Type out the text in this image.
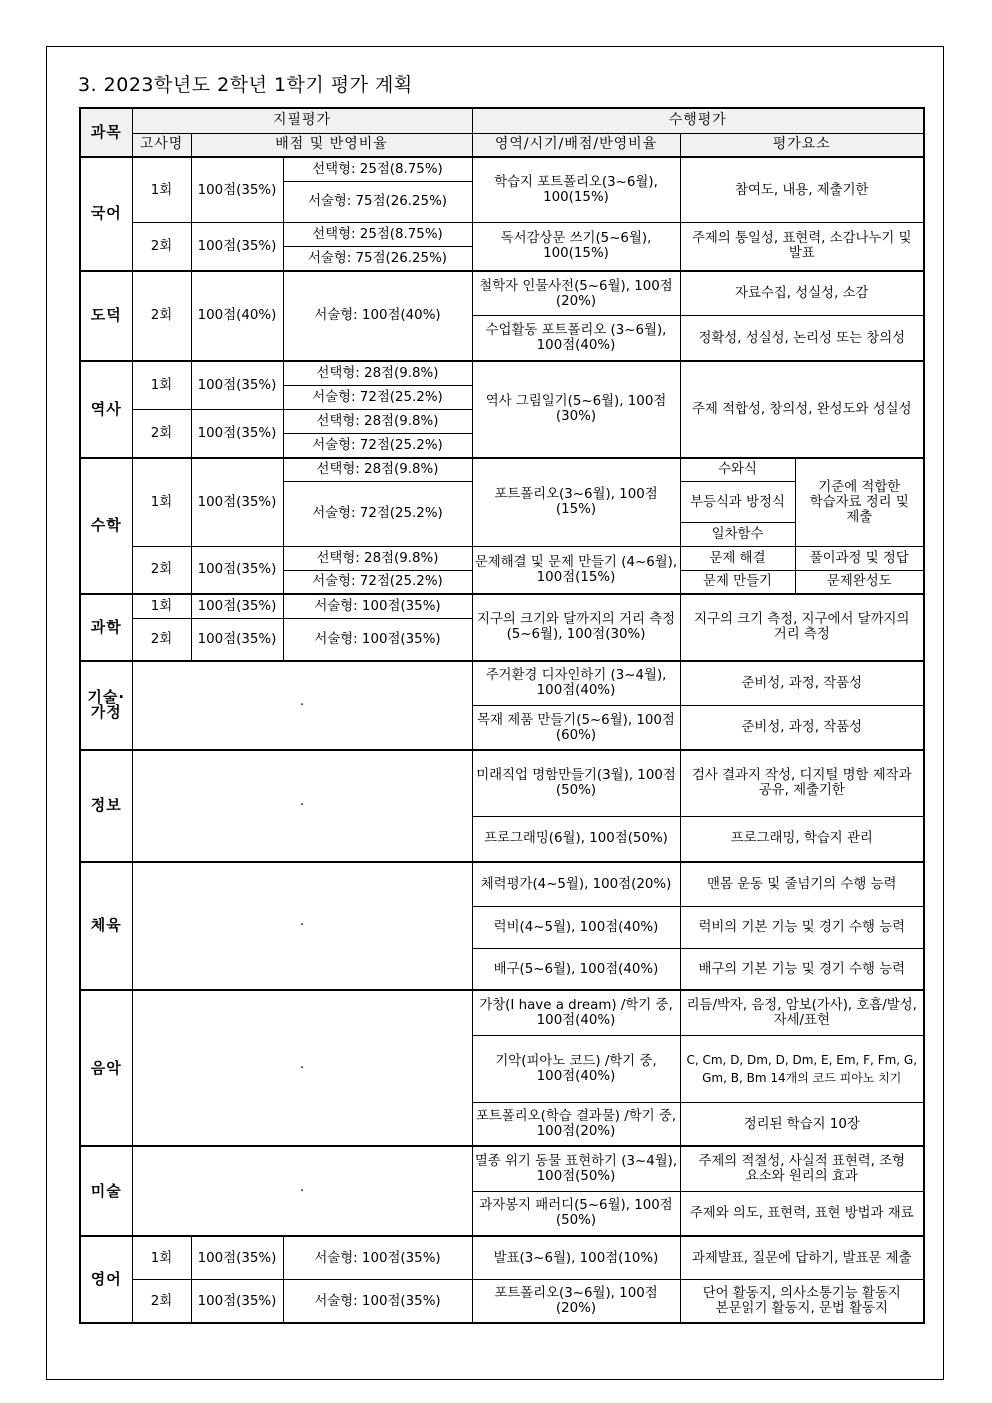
3. 2023학년도 2학년 1학기 평가 계획
과목	지필평가			수행평가		
	고사명	배점 및 반영비율		영역/시기/배점/반영비율	평가요소	
국어	1회	100점(35%)	선택형: 25점(8.75%)	학습지 포트폴리오(3~6월), 100(15%)	참여도, 내용, 제출기한	
			서술형: 75점(26.25%)			
	2회	100점(35%)	선택형: 25점(8.75%)	독서감상문 쓰기(5~6월), 100(15%)	주제의 통일성, 표현력, 소감나누기 및 발표	
			서술형: 75점(26.25%)			
도덕	2회	100점(40%)	서술형: 100점(40%)	철학자 인물사전(5~6월), 100점(20%)	자료수집, 성실성, 소감	
				수업활동 포트폴리오 (3~6월), 100점(40%)	정확성, 성실성, 논리성 또는 창의성	
역사	1회	100점(35%)	선택형: 28점(9.8%)	역사 그림일기(5~6월), 100점(30%)	주제 적합성, 창의성, 완성도와 성실성	
			서술형: 72점(25.2%)			
	2회	100점(35%)	선택형: 28점(9.8%)			
			서술형: 72점(25.2%)			
수학	1회	100점(35%)	선택형: 28점(9.8%)	포트폴리오(3~6월), 100점(15%)	수와식	기준에 적합한 학습자료 정리 및 제출
			서술형: 72점(25.2%)		부등식과 방정식	

					일차함수	
	2회	100점(35%)	선택형: 28점(9.8%)	문제해결 및 문제 만들기 (4~6월), 100점(15%)	문제 해결	풀이과정 및 정답
			서술형: 72점(25.2%)		문제 만들기	문제완성도
과학	1회	100점(35%)	서술형: 100점(35%)	지구의 크기와 달까지의 거리 측정(5~6월), 100점(30%)	지구의 크기 측정, 지구에서 달까지의 거리 측정	
	2회	100점(35%)	서술형: 100점(35%)			
기술·가정	·			주거환경 디자인하기 (3~4월), 100점(40%)	준비성, 과정, 작품성	
				목재 제품 만들기(5~6월), 100점(60%)	준비성, 과정, 작품성	
정보	·			미래직업 명함만들기(3월), 100점(50%)	검사 결과지 작성, 디지털 명함 제작과 공유, 제출기한	
				프로그래밍(6월), 100점(50%)	프로그래밍, 학습지 관리	
체육	·			체력평가(4~5월), 100점(20%)	맨몸 운동 및 줄넘기의 수행 능력	
				럭비(4~5월), 100점(40%)	럭비의 기본 기능 및 경기 수행 능력	
				배구(5~6월), 100점(40%)	배구의 기본 기능 및 경기 수행 능력	
음악	·			가창(I have a dream) /학기 중, 100점(40%)	리듬/박자, 음정, 암보(가사), 호흡/발성, 자세/표현	
				기악(피아노 코드) /학기 중, 100점(40%)	C, Cm, D, Dm, D, Dm, E, Em, F, Fm, G, Gm, B, Bm 14개의 코드 피아노 치기	
				포트폴리오(학습 결과물) /학기 중, 100점(20%)	정리된 학습지 10장	
미술	·			멸종 위기 동물 표현하기 (3~4월), 100점(50%)	주제의 적절성, 사실적 표현력, 조형 요소와 원리의 효과	
				과자봉지 패러디(5~6월), 100점(50%)	주제와 의도, 표현력, 표현 방법과 재료	
영어	1회	100점(35%)	서술형: 100점(35%)	발표(3~6월), 100점(10%)	과제발표, 질문에 답하기, 발표문 제출	
	2회	100점(35%)	서술형: 100점(35%)	포트폴리오(3~6월), 100점(20%)	단어 활동지, 의사소통기능 활동지 본문읽기 활동지, 문법 활동지	
